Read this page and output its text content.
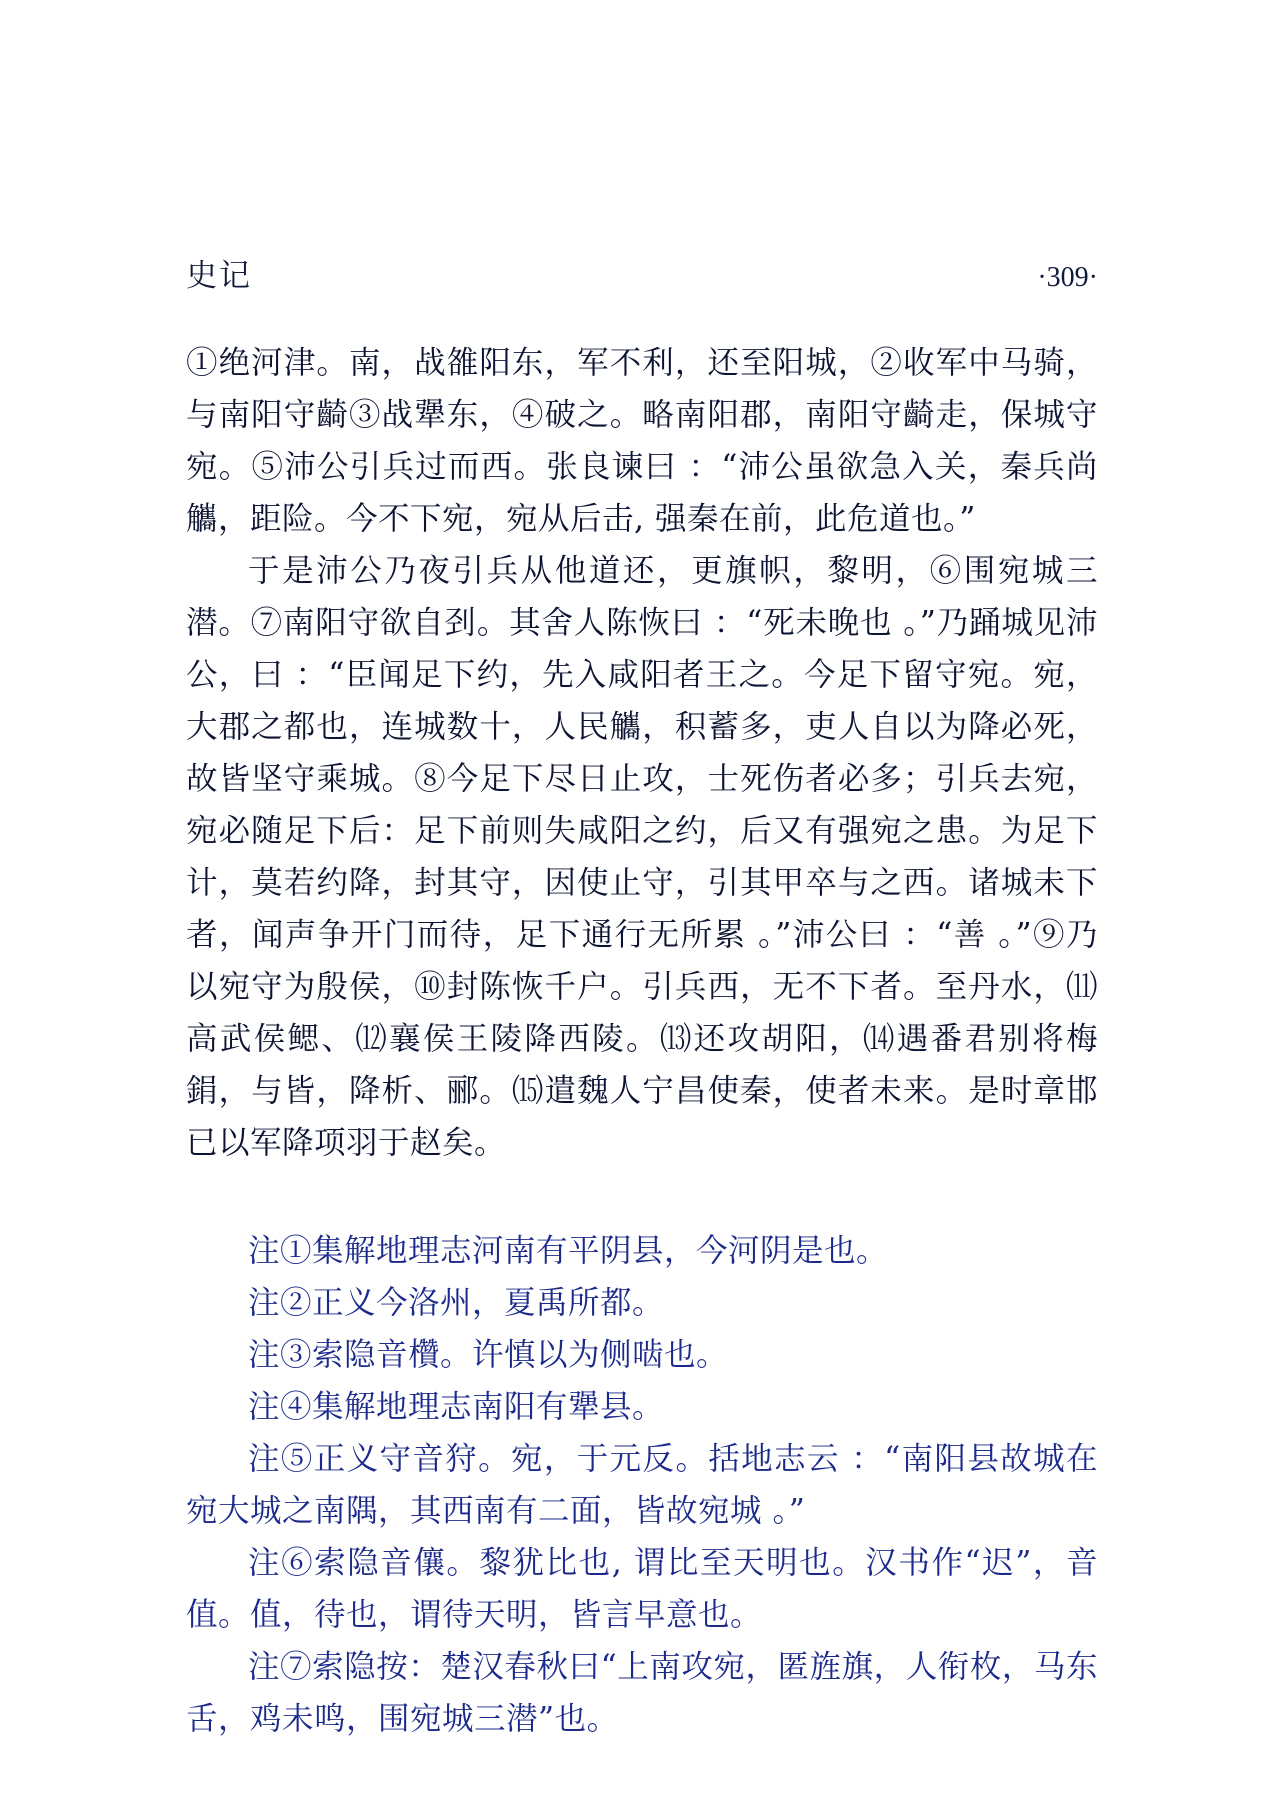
史记	·309·

①绝河津。南，战雒阳东，军不利，还至阳城，②收军中马骑，与南阳守齮③战犟东，④破之。略南阳郡，南阳守齮走，保城守宛。⑤沛公引兵过而西。张良谏曰 ：“沛公虽欲急入关，秦兵尚觿，距险。今不下宛，宛从后击, 强秦在前，此危道也。”

于是沛公乃夜引兵从他道还，更旗帜，黎明，⑥围宛城三潜。⑦南阳守欲自刭。其舍人陈恢曰 ：“死未晚也 。”乃踊城见沛公，曰 ：“臣闻足下约，先入咸阳者王之。今足下留守宛。宛，大郡之都也，连城数十，人民觿，积蓄多，吏人自以为降必死，故皆坚守乘城。⑧今足下尽日止攻，士死伤者必多；引兵去宛，宛必随足下后：足下前则失咸阳之约，后又有强宛之患。为足下计，莫若约降，封其守，因使止守，引其甲卒与之西。诸城未下者，闻声争开门而待，足下通行无所累 。”沛公曰 ：“善 。”⑨乃以宛守为殷侯，⑩封陈恢千户。引兵西，无不下者。至丹水，⑾高武侯鳃、⑿襄侯王陵降西陵。⒀还攻胡阳，⒁遇番君别将梅鋗，与皆，降析、郦。⒂遣魏人宁昌使秦，使者未来。是时章邯已以军降项羽于赵矣。

注①集解地理志河南有平阴县，今河阴是也。

注②正义今洛州，夏禹所都。

注③索隐音欑。许慎以为侧啮也。

注④集解地理志南阳有犟县。

注⑤正义守音狩。宛，于元反。括地志云 ：“南阳县故城在宛大城之南隅，其西南有二面，皆故宛城 。”

注⑥索隐音儴。黎犹比也, 谓比至天明也。汉书作“迟”，音值。值，待也，谓待天明，皆言早意也。

注⑦索隐按：楚汉春秋曰“上南攻宛，匿旌旗，人衔枚，马东舌，鸡未鸣，围宛城三潜”也。
